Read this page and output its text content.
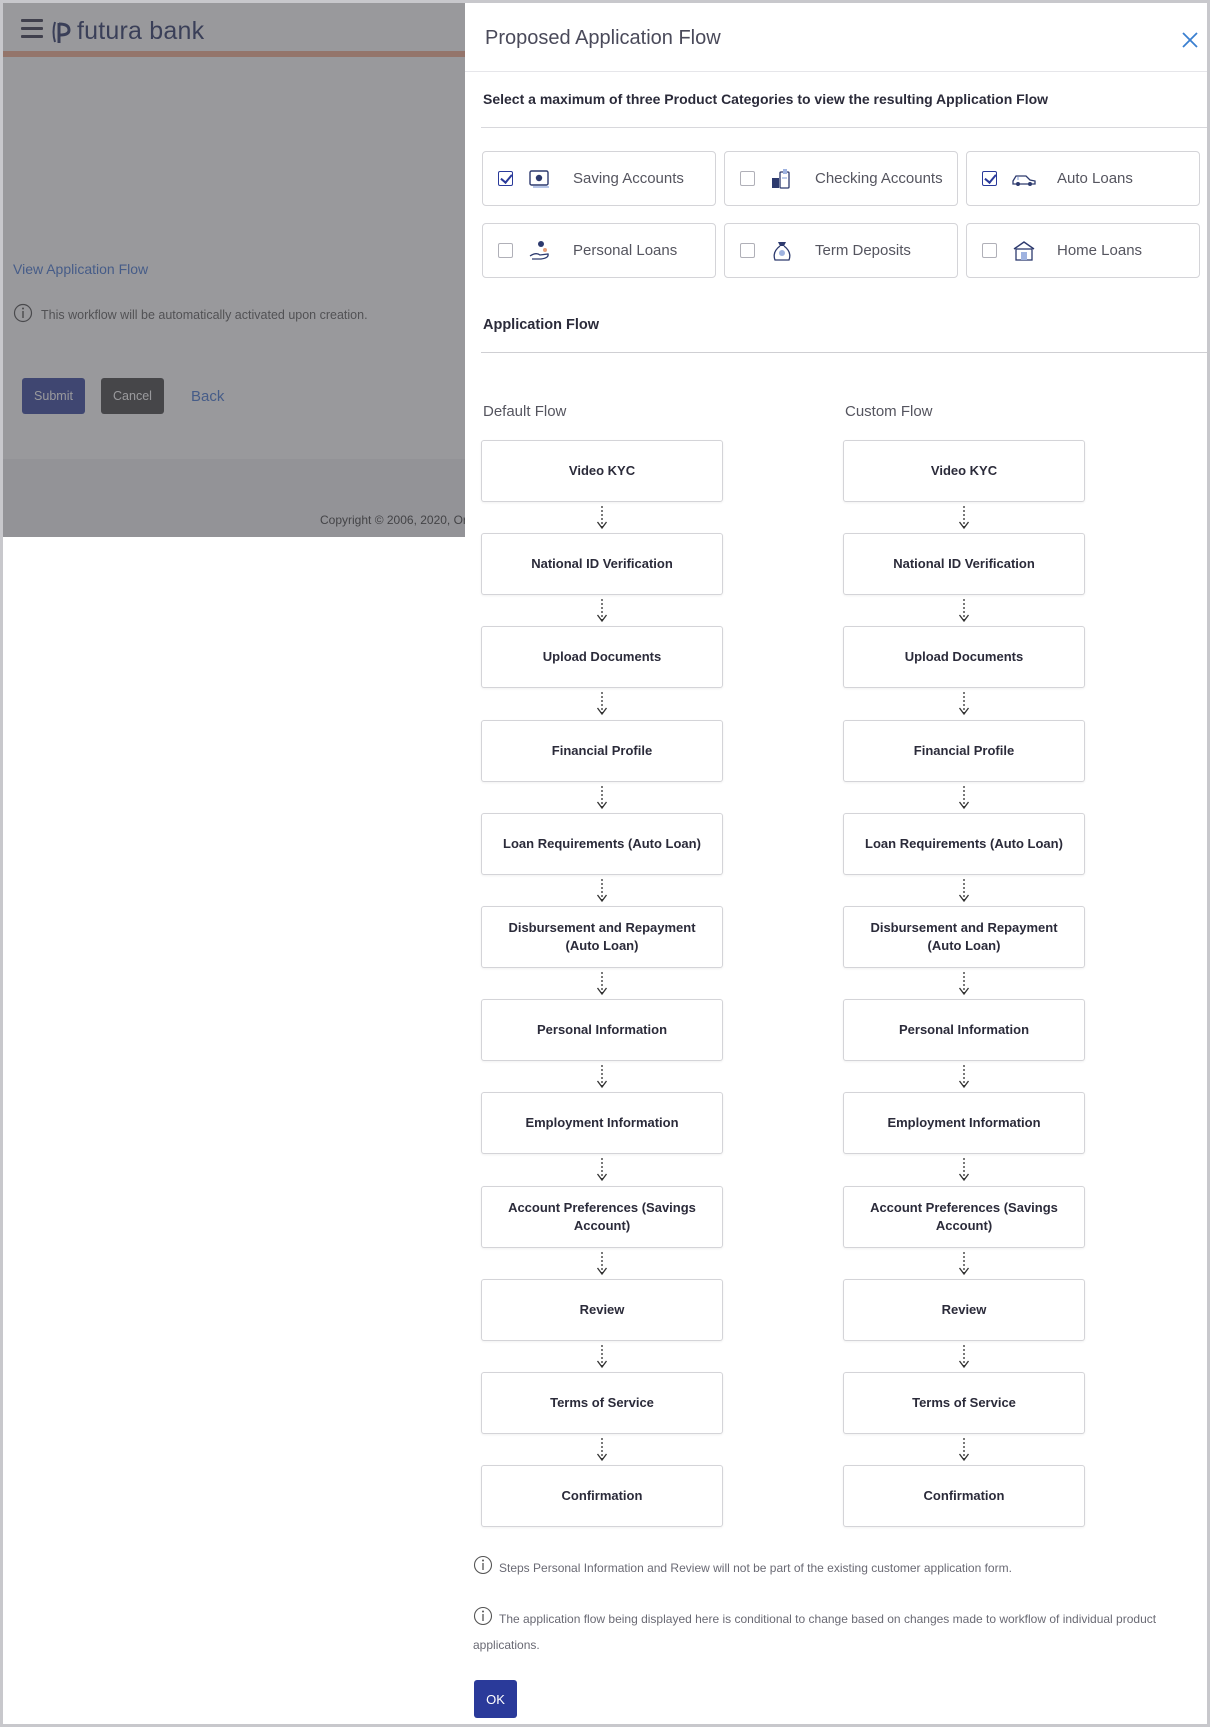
Proposed Application Flow
Select a maximum of three Product Categories to view the resulting Application Flow
Saving Accounts	Checking Accounts	Auto Loans
Personal Loans	Term Deposits	Home Loans
Application Flow
Default Flow	Custom Flow
Video KYC
National ID Verification
Upload Documents
Financial Profile
Loan Requirements (Auto Loan)
Disbursement and Repayment (Auto Loan)
Personal Information
Employment Information
Account Preferences (Savings Account)
Review
Terms of Service
Confirmation
Video KYC
National ID Verification
Upload Documents
Financial Profile
Loan Requirements (Auto Loan)
Disbursement and Repayment (Auto Loan)
Personal Information
Employment Information
Account Preferences (Savings Account)
Review
Terms of Service
Confirmation
Steps Personal Information and Review will not be part of the existing customer application form.
The application flow being displayed here is conditional to change based on changes made to workflow of individual product applications.
OK
